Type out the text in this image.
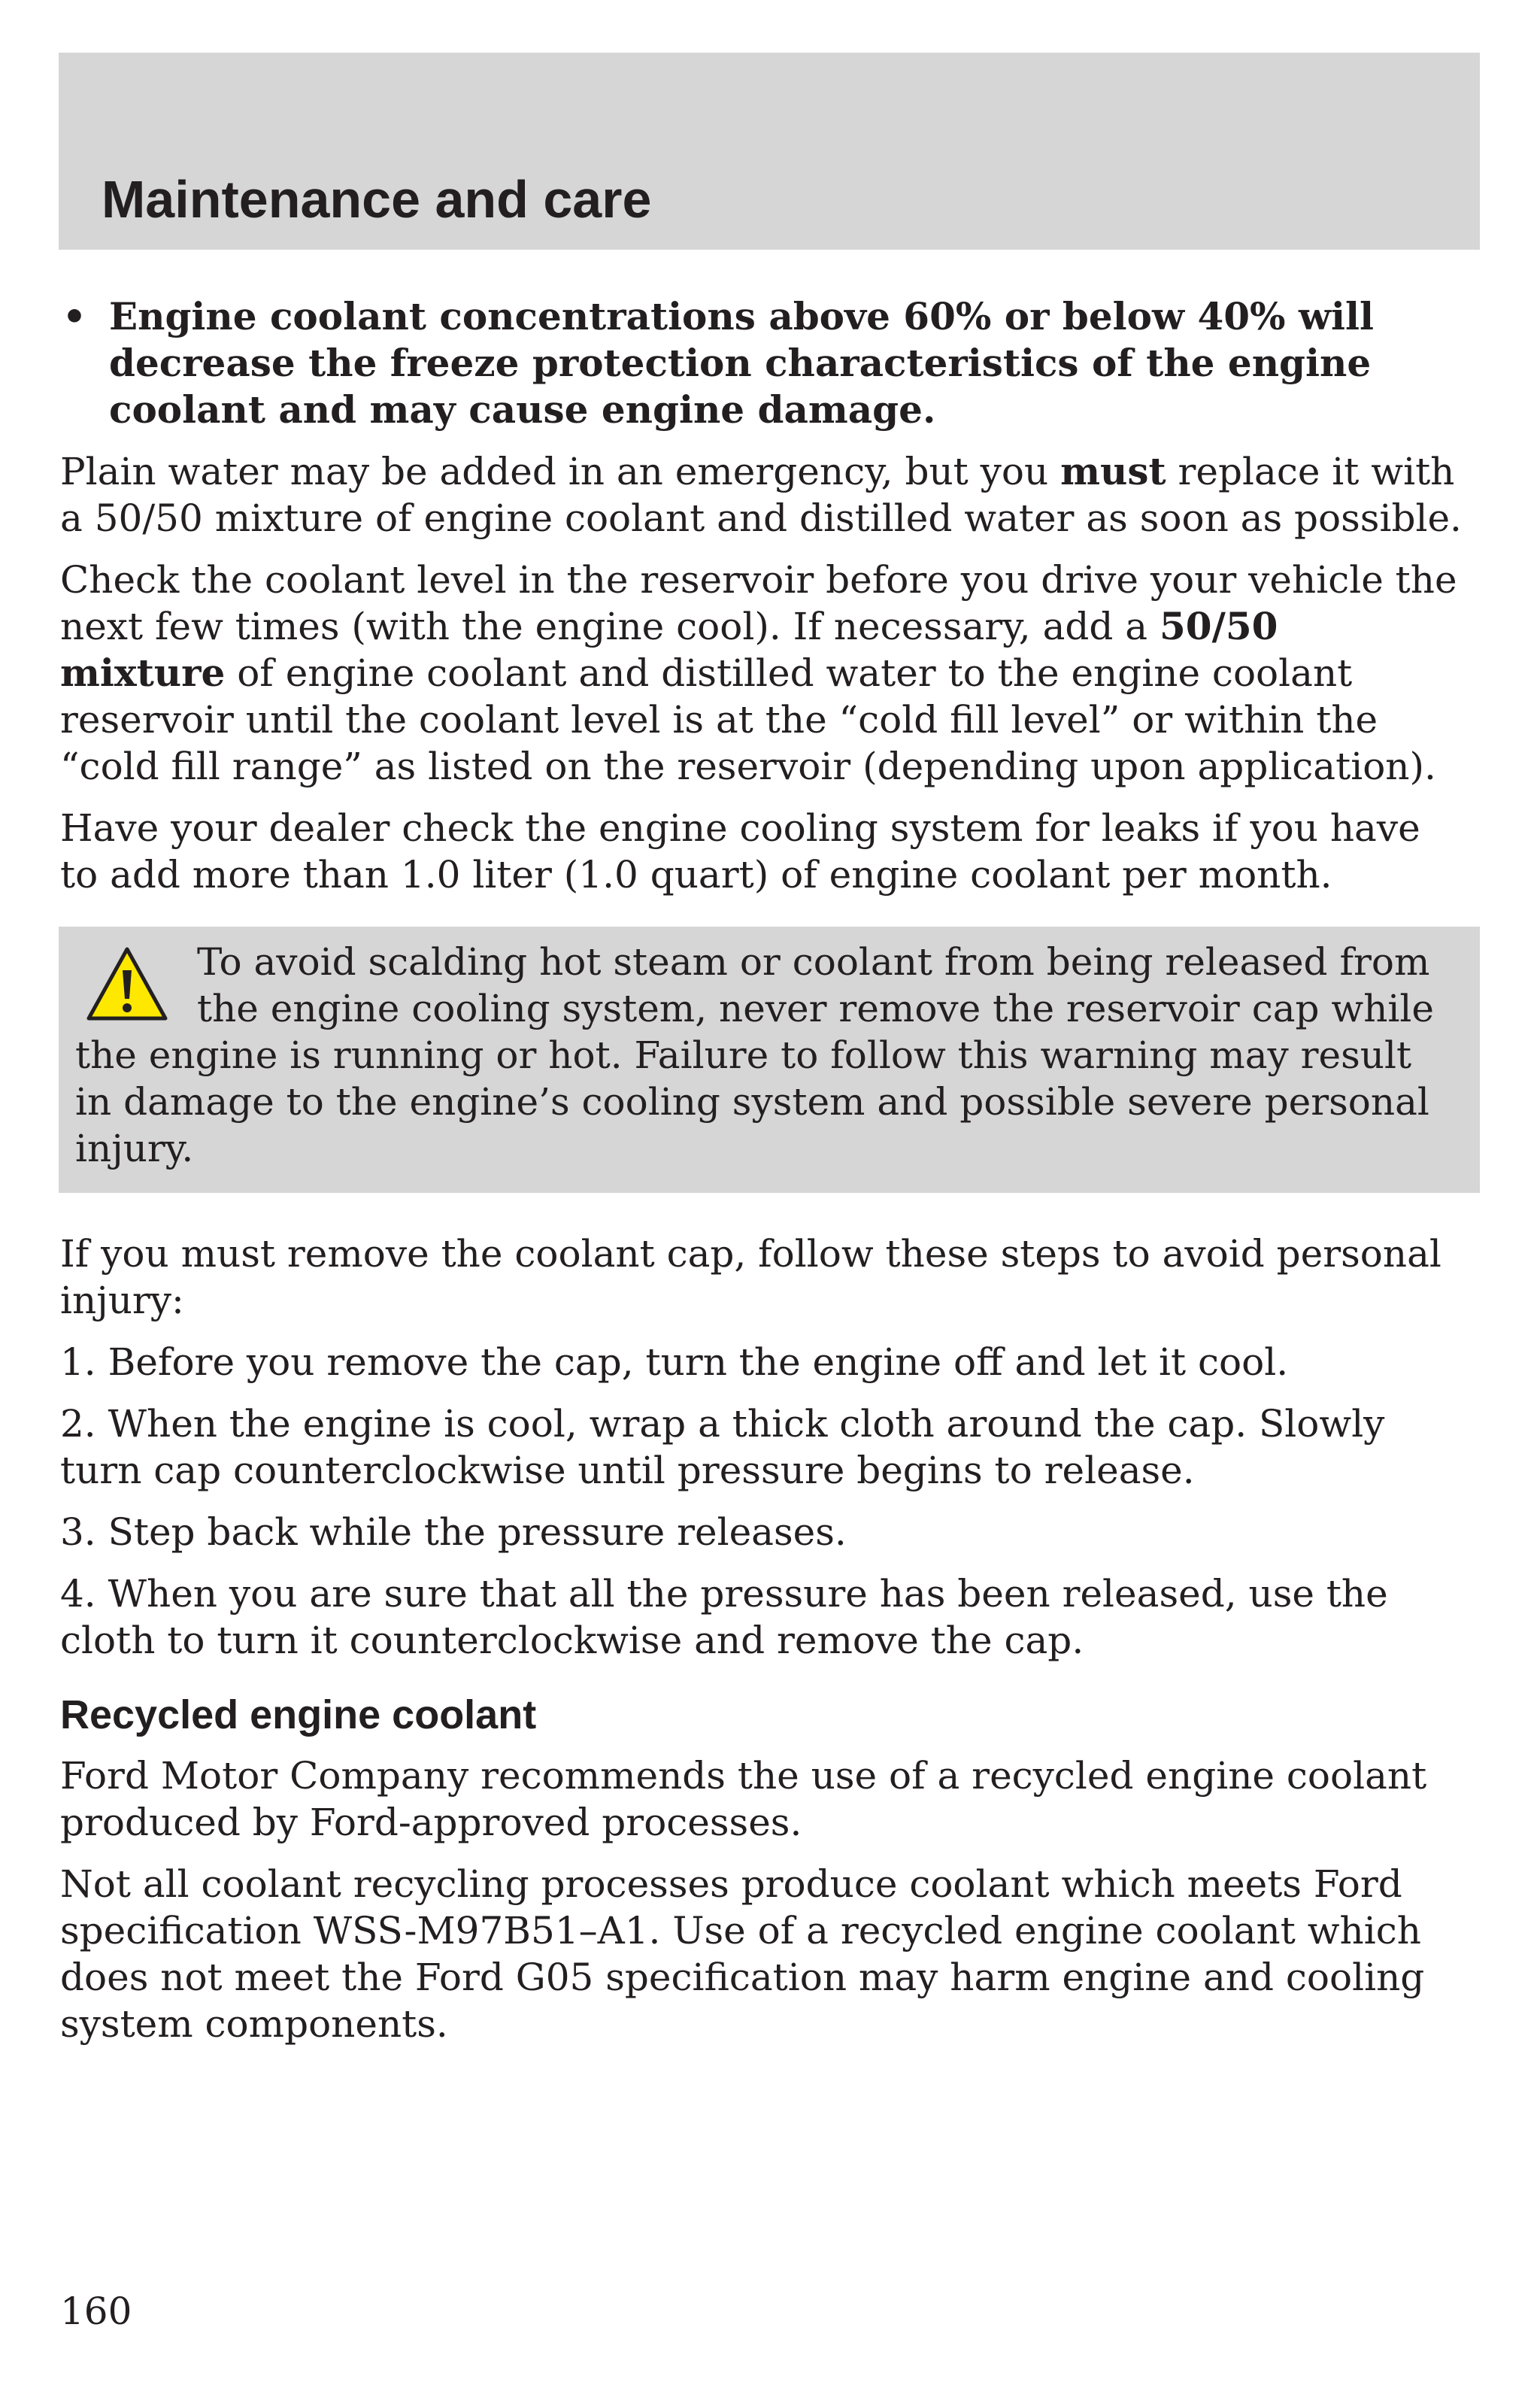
Maintenance and care
• Engine coolant concentrations above 60% or below 40% will
decrease the freeze protection characteristics of the engine
coolant and may cause engine damage.

Plain water may be added in an emergency, but you must replace it with
a 50/50 mixture of engine coolant and distilled water as soon as possible.

Check the coolant level in the reservoir before you drive your vehicle the
next few times (with the engine cool). If necessary, add a 50/50
mixture of engine coolant and distilled water to the engine coolant
reservoir until the coolant level is at the “cold fill level” or within the
“cold fill range” as listed on the reservoir (depending upon application).

Have your dealer check the engine cooling system for leaks if you have
to add more than 1.0 liter (1.0 quart) of engine coolant per month.

To avoid scalding hot steam or coolant from being released from
the engine cooling system, never remove the reservoir cap while
the engine is running or hot. Failure to follow this warning may result
in damage to the engine’s cooling system and possible severe personal
injury.

If you must remove the coolant cap, follow these steps to avoid personal
injury:

1. Before you remove the cap, turn the engine off and let it cool.

2. When the engine is cool, wrap a thick cloth around the cap. Slowly
turn cap counterclockwise until pressure begins to release.

3. Step back while the pressure releases.

4. When you are sure that all the pressure has been released, use the
cloth to turn it counterclockwise and remove the cap.

Recycled engine coolant

Ford Motor Company recommends the use of a recycled engine coolant
produced by Ford-approved processes.

Not all coolant recycling processes produce coolant which meets Ford
specification WSS-M97B51–A1. Use of a recycled engine coolant which
does not meet the Ford G05 specification may harm engine and cooling
system components.

160
